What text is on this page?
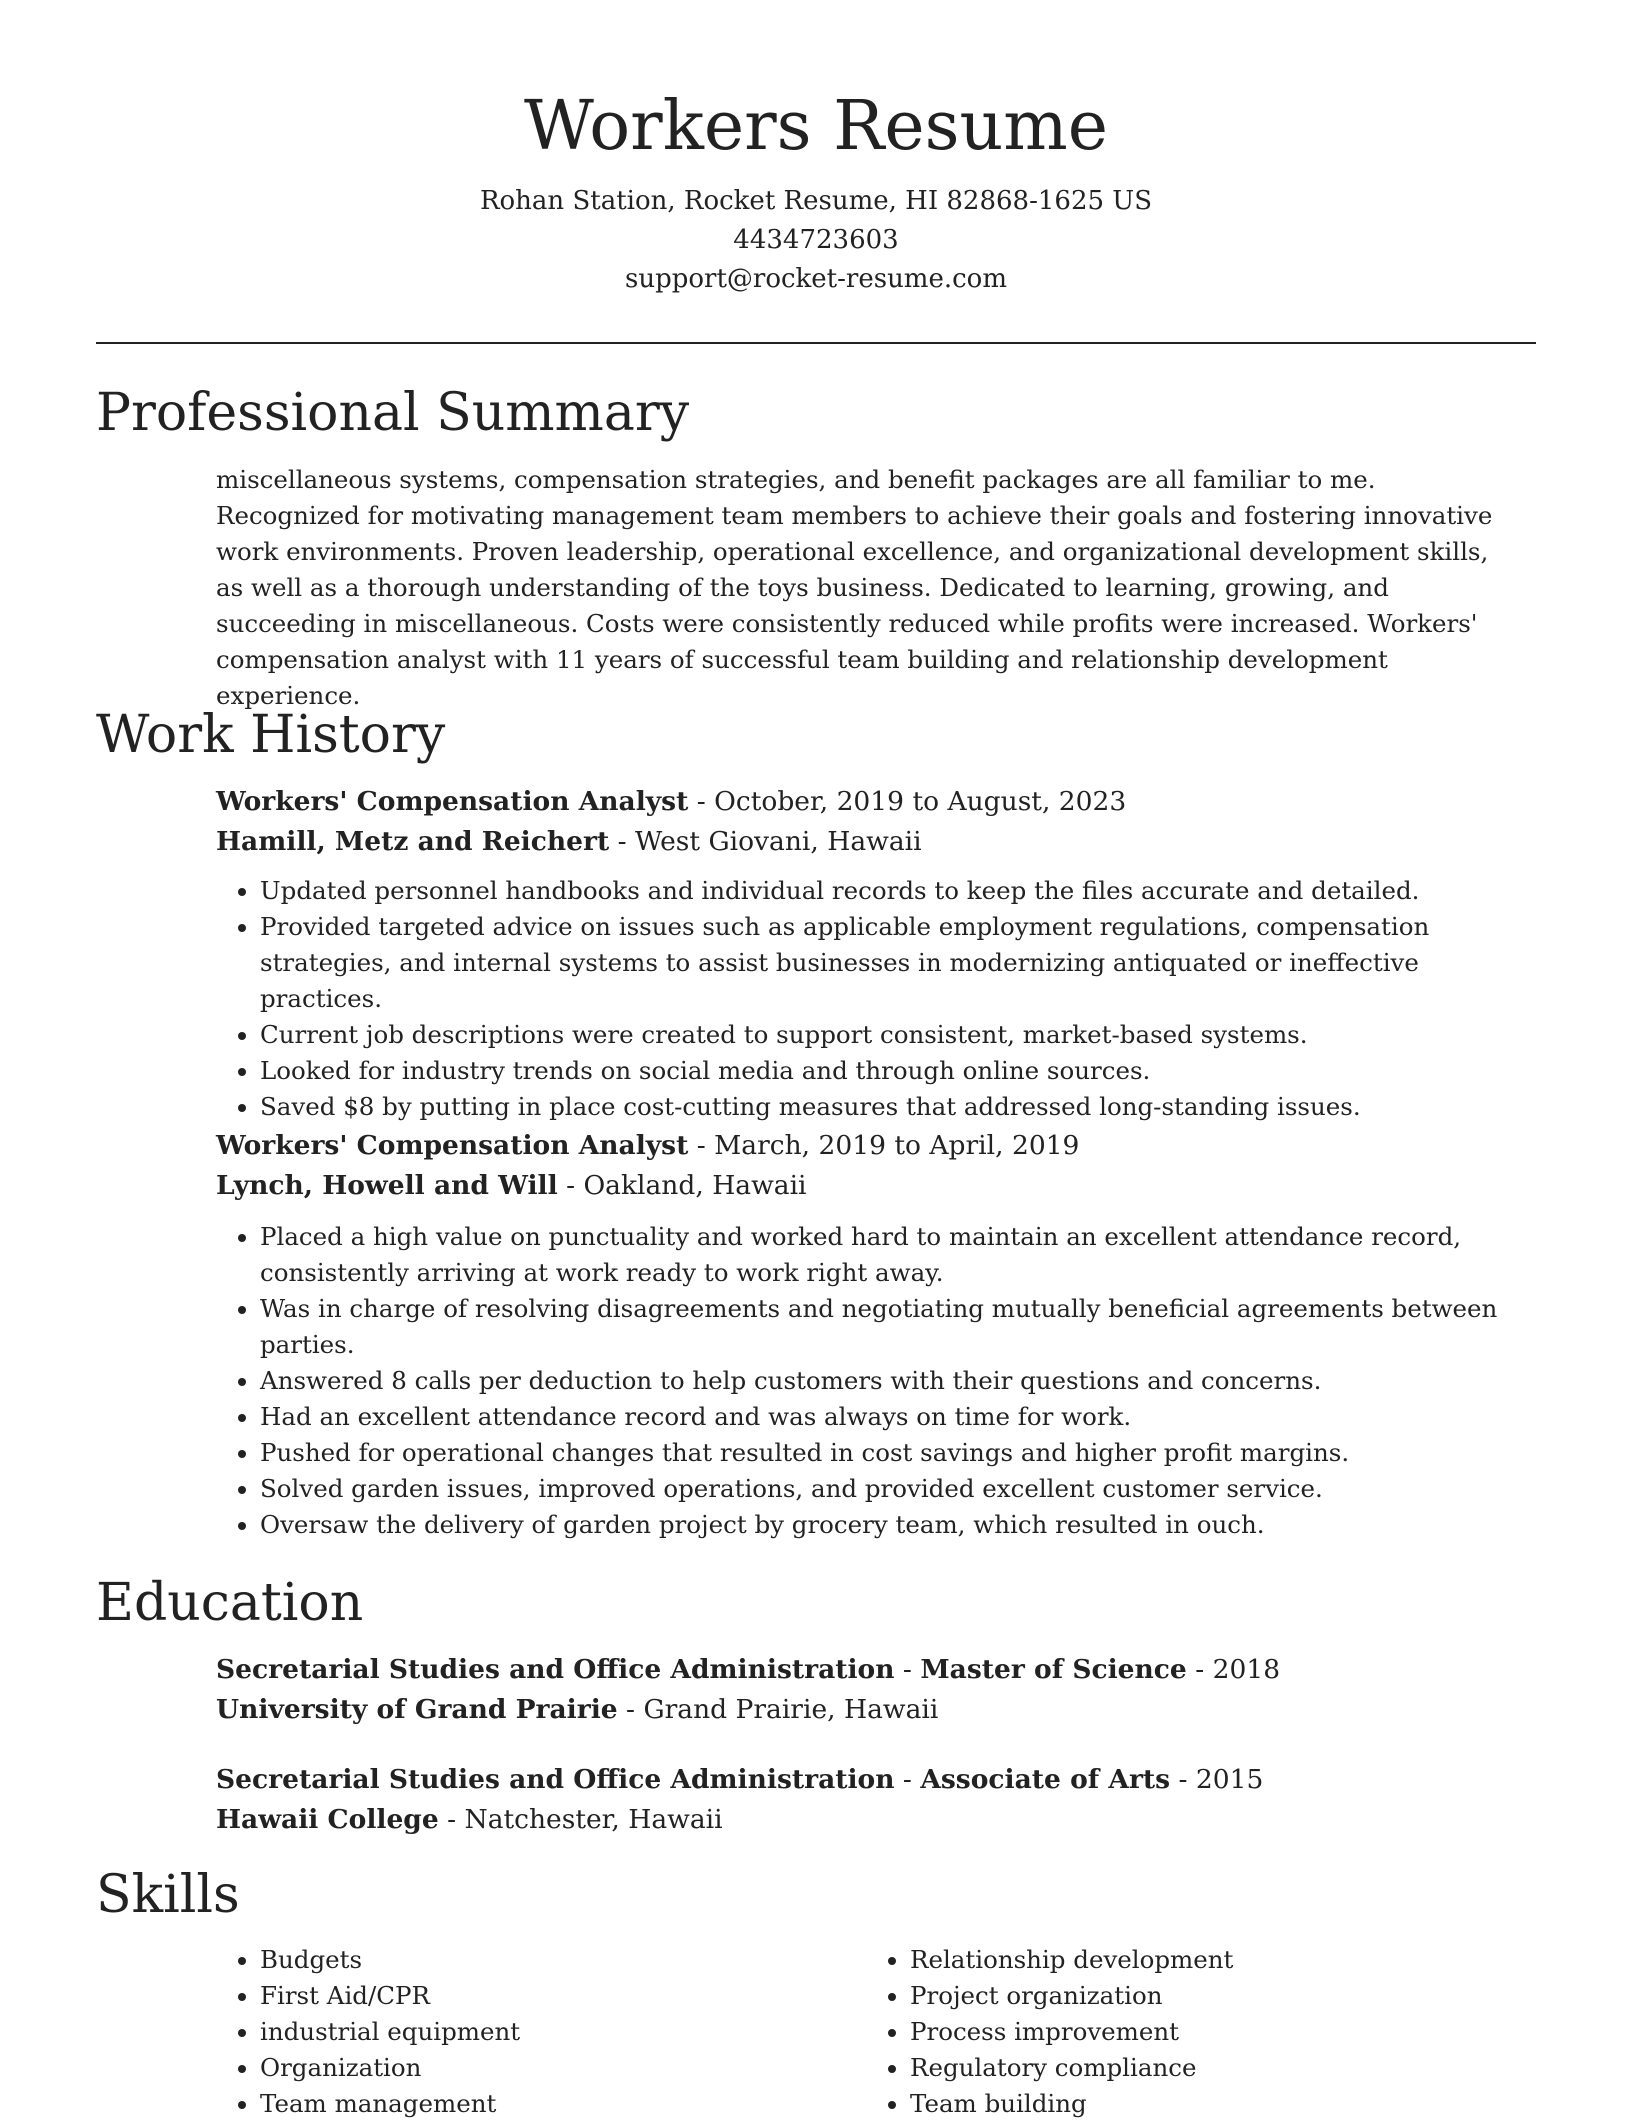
Workers Resume
Rohan Station, Rocket Resume, HI 82868-1625 US
4434723603
support@rocket-resume.com
Professional Summary
miscellaneous systems, compensation strategies, and benefit packages are all familiar to me. Recognized for motivating management team members to achieve their goals and fostering innovative work environments. Proven leadership, operational excellence, and organizational development skills, as well as a thorough understanding of the toys business. Dedicated to learning, growing, and succeeding in miscellaneous. Costs were consistently reduced while profits were increased. Workers' compensation analyst with 11 years of successful team building and relationship development experience.
Work History
Workers' Compensation Analyst - October, 2019 to August, 2023
Hamill, Metz and Reichert - West Giovani, Hawaii
• Updated personnel handbooks and individual records to keep the files accurate and detailed.
• Provided targeted advice on issues such as applicable employment regulations, compensation strategies, and internal systems to assist businesses in modernizing antiquated or ineffective practices.
• Current job descriptions were created to support consistent, market-based systems.
• Looked for industry trends on social media and through online sources.
• Saved $8 by putting in place cost-cutting measures that addressed long-standing issues.
Workers' Compensation Analyst - March, 2019 to April, 2019
Lynch, Howell and Will - Oakland, Hawaii
• Placed a high value on punctuality and worked hard to maintain an excellent attendance record, consistently arriving at work ready to work right away.
• Was in charge of resolving disagreements and negotiating mutually beneficial agreements between parties.
• Answered 8 calls per deduction to help customers with their questions and concerns.
• Had an excellent attendance record and was always on time for work.
• Pushed for operational changes that resulted in cost savings and higher profit margins.
• Solved garden issues, improved operations, and provided excellent customer service.
• Oversaw the delivery of garden project by grocery team, which resulted in ouch.
Education
Secretarial Studies and Office Administration - Master of Science - 2018
University of Grand Prairie - Grand Prairie, Hawaii
Secretarial Studies and Office Administration - Associate of Arts - 2015
Hawaii College - Natchester, Hawaii
Skills
• Budgets
• First Aid/CPR
• industrial equipment
• Organization
• Team management
• Relationship development
• Project organization
• Process improvement
• Regulatory compliance
• Team building
